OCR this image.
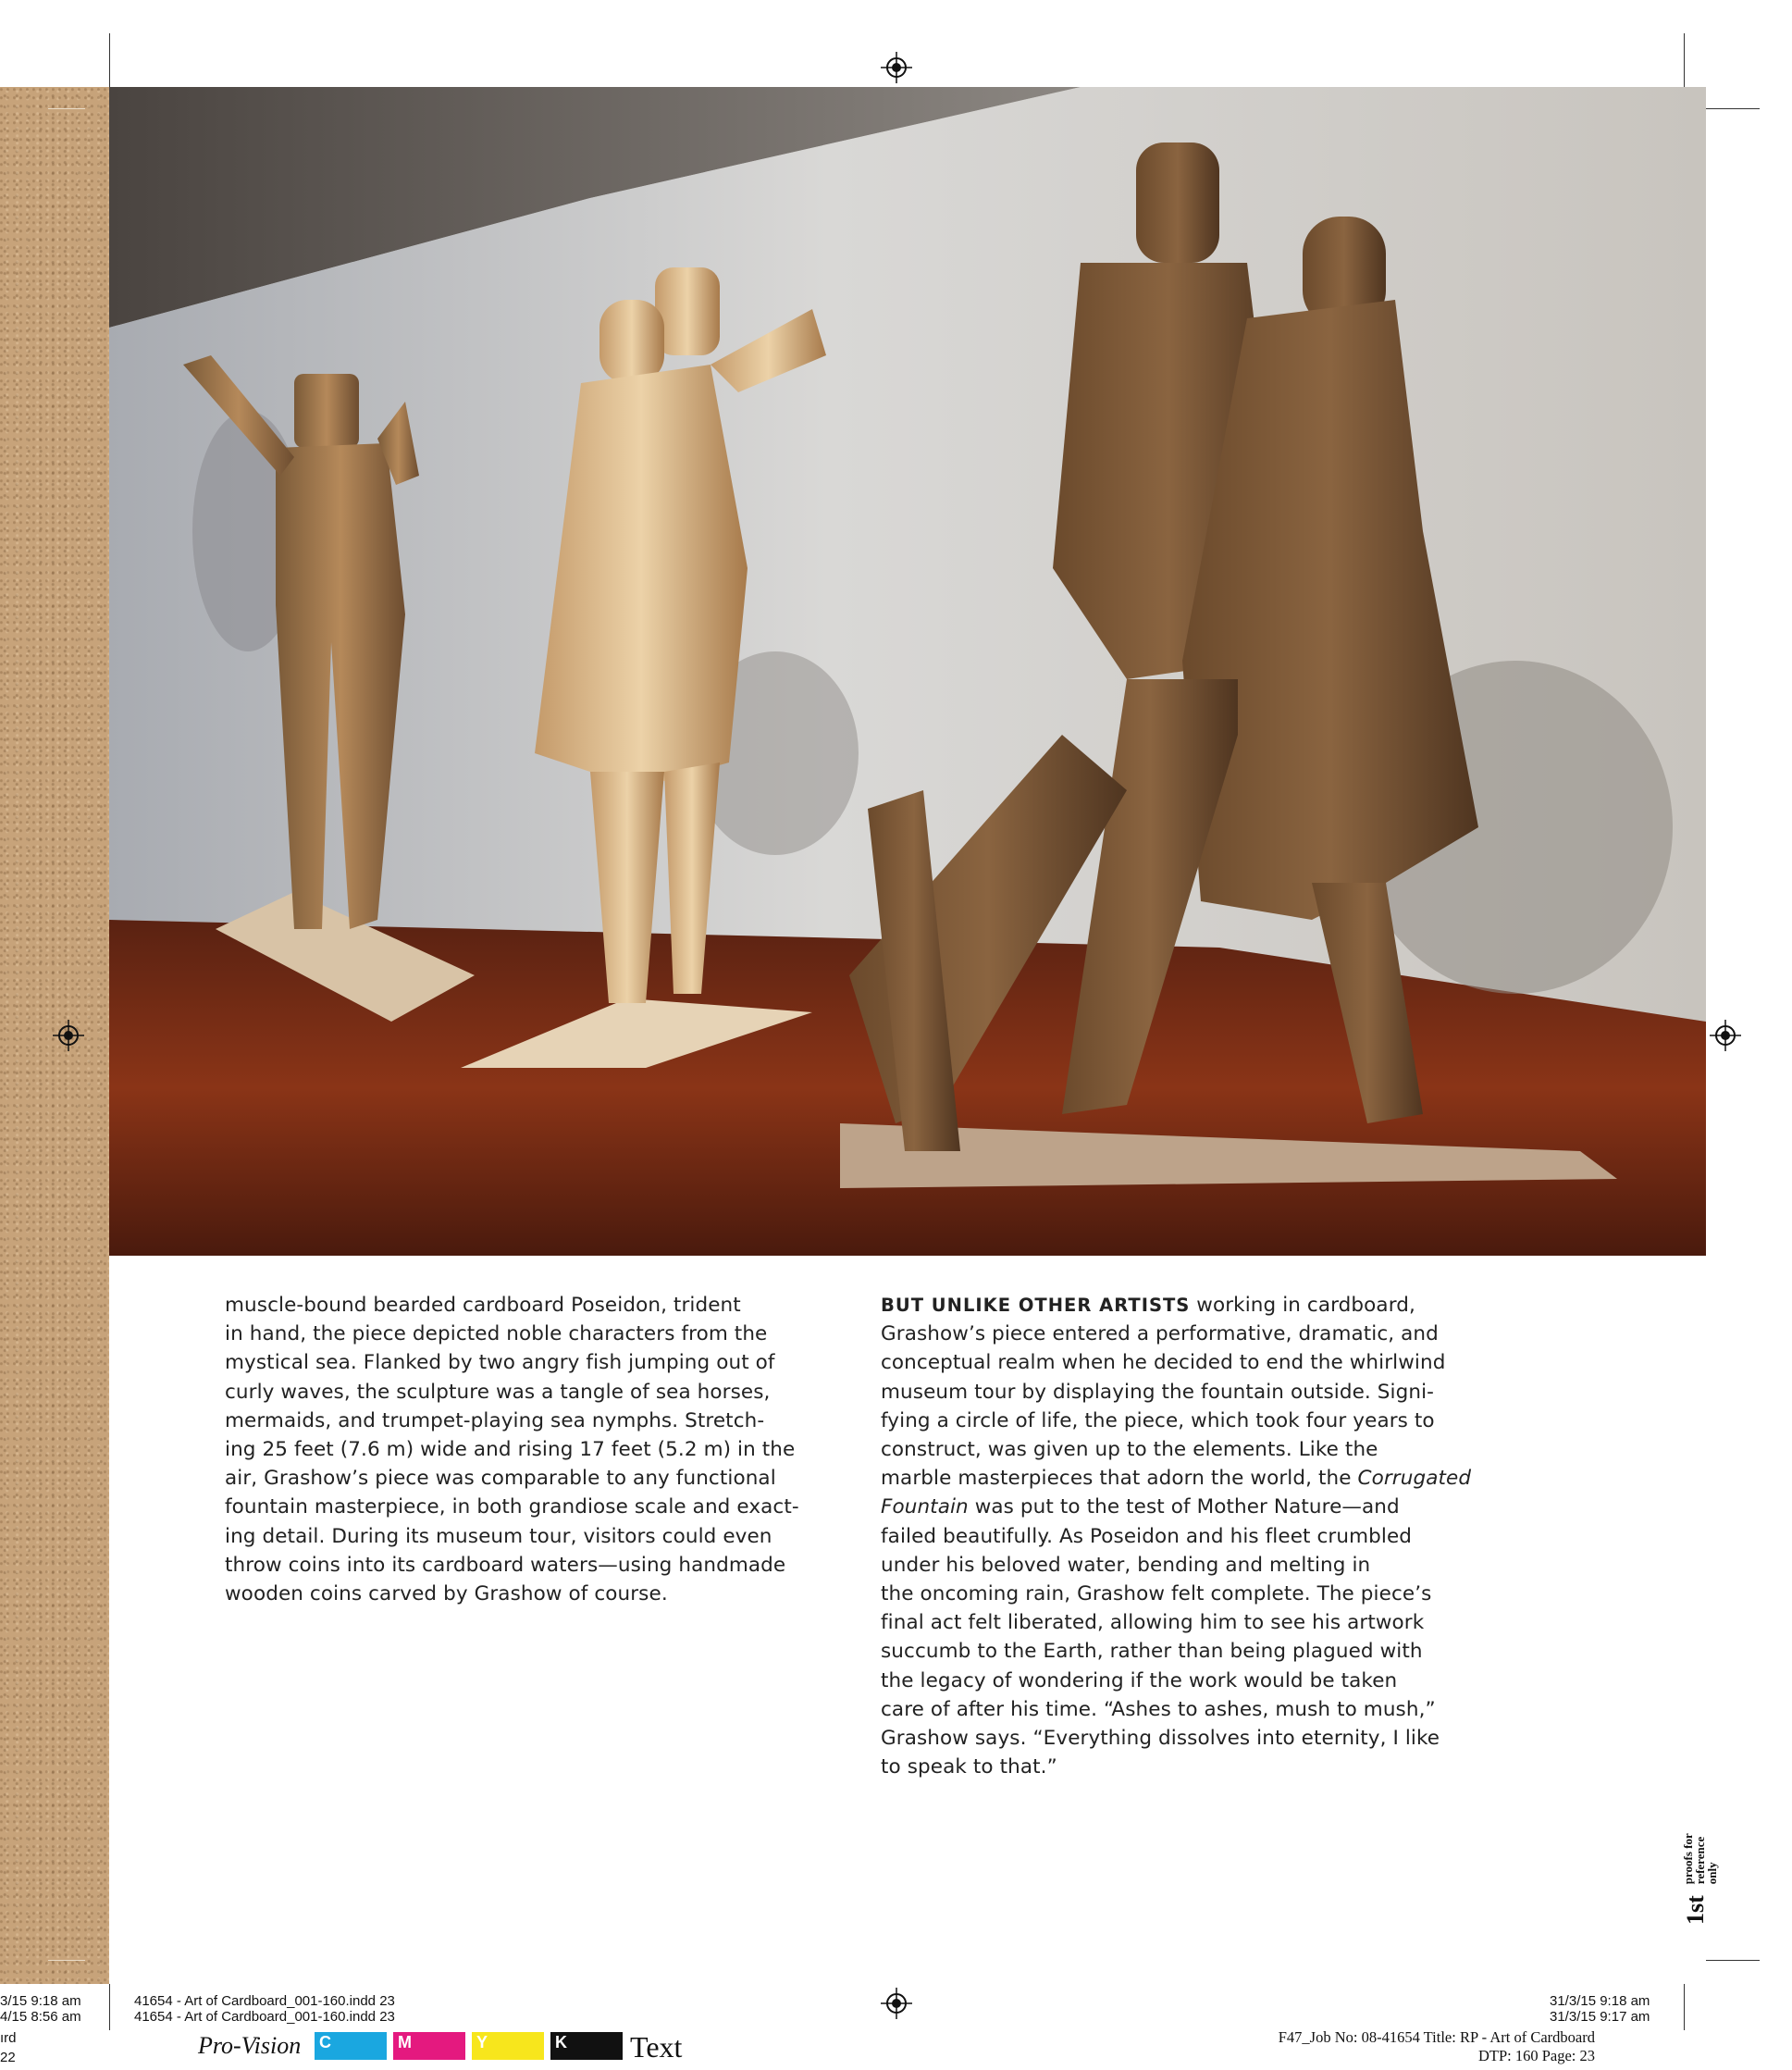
muscle-bound bearded cardboard Poseidon, trident
in hand, the piece depicted noble characters from the
mystical sea. Flanked by two angry fish jumping out of
curly waves, the sculpture was a tangle of sea horses,
mermaids, and trumpet-playing sea nymphs. Stretch-
ing 25 feet (7.6 m) wide and rising 17 feet (5.2 m) in the
air, Grashow’s piece was comparable to any functional
fountain masterpiece, in both grandiose scale and exact-
ing detail. During its museum tour, visitors could even
throw coins into its cardboard waters—using handmade
wooden coins carved by Grashow of course.
BUT UNLIKE OTHER ARTISTS working in cardboard,
Grashow’s piece entered a performative, dramatic, and
conceptual realm when he decided to end the whirlwind
museum tour by displaying the fountain outside. Signi-
fying a circle of life, the piece, which took four years to
construct, was given up to the elements. Like the
marble masterpieces that adorn the world, the Corrugated
Fountain was put to the test of Mother Nature—and
failed beautifully. As Poseidon and his fleet crumbled
under his beloved water, bending and melting in
the oncoming rain, Grashow felt complete. The piece’s
final act felt liberated, allowing him to see his artwork
succumb to the Earth, rather than being plagued with
the legacy of wondering if the work would be taken
care of after his time. “Ashes to ashes, mush to mush,”
Grashow says. “Everything dissolves into eternity, I like
to speak to that.”
1st
proofs for
reference
only
3/15 9:18 am
4/15 8:56 am
ırd
22
41654 - Art of Cardboard_001-160.indd 23
41654 - Art of Cardboard_001-160.indd 23
31/3/15 9:18 am
31/3/15 9:17 am
F47_Job No: 08-41654 Title: RP - Art of Cardboard
DTP: 160 Page: 23
Pro-Vision C	M	Y	K	Text
